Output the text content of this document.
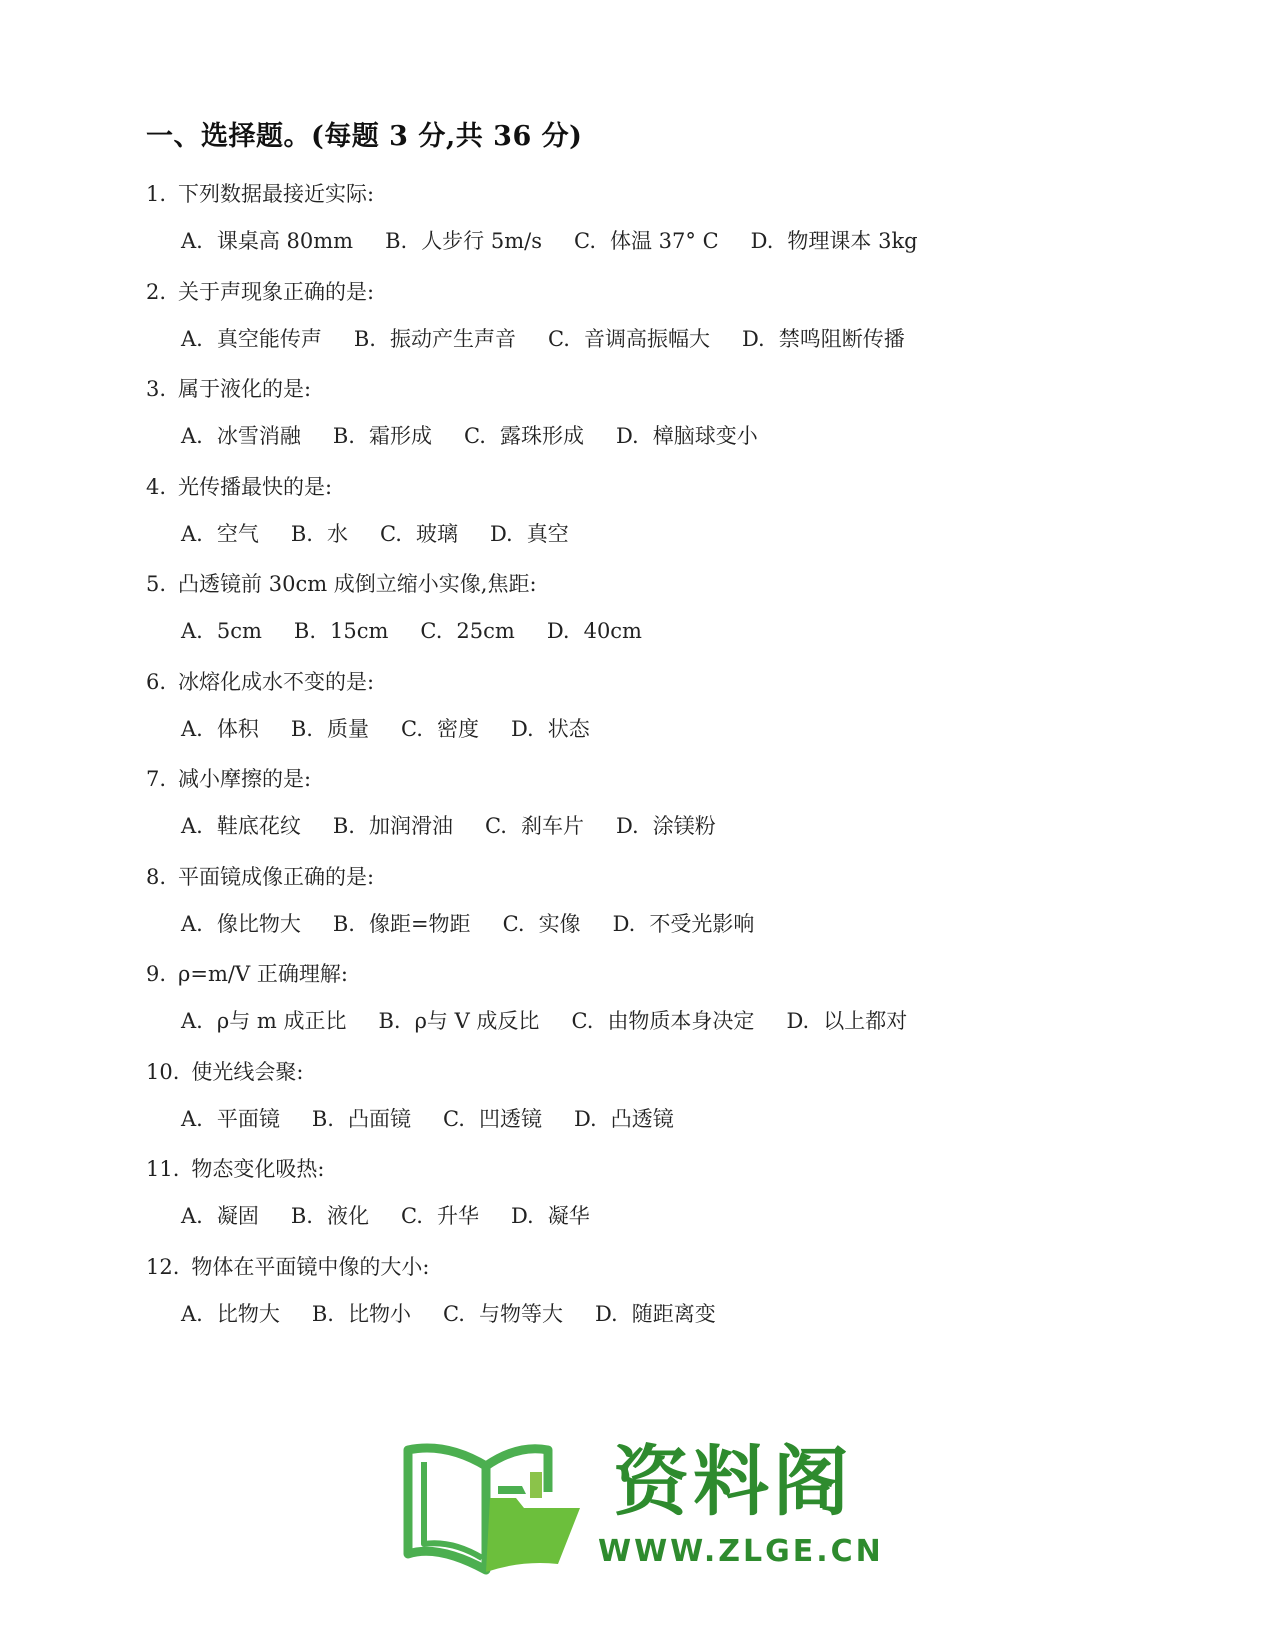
一、选择题。(每题 3 分,共 36 分)
1. 下列数据最接近实际:
A. 课桌高 80mm B. 人步行 5m/s C. 体温 37° C D. 物理课本 3kg
2. 关于声现象正确的是:
A. 真空能传声 B. 振动产生声音 C. 音调高振幅大 D. 禁鸣阻断传播
3. 属于液化的是:
A. 冰雪消融 B. 霜形成 C. 露珠形成 D. 樟脑球变小
4. 光传播最快的是:
A. 空气 B. 水 C. 玻璃 D. 真空
5. 凸透镜前 30cm 成倒立缩小实像,焦距:
A. 5cm B. 15cm C. 25cm D. 40cm
6. 冰熔化成水不变的是:
A. 体积 B. 质量 C. 密度 D. 状态
7. 减小摩擦的是:
A. 鞋底花纹 B. 加润滑油 C. 刹车片 D. 涂镁粉
8. 平面镜成像正确的是:
A. 像比物大 B. 像距=物距 C. 实像 D. 不受光影响
9. ρ=m/V 正确理解:
A. ρ与 m 成正比 B. ρ与 V 成反比 C. 由物质本身决定 D. 以上都对
10. 使光线会聚:
A. 平面镜 B. 凸面镜 C. 凹透镜 D. 凸透镜
11. 物态变化吸热:
A. 凝固 B. 液化 C. 升华 D. 凝华
12. 物体在平面镜中像的大小:
A. 比物大 B. 比物小 C. 与物等大 D. 随距离变
资料阁
WWW.ZLGE.CN
